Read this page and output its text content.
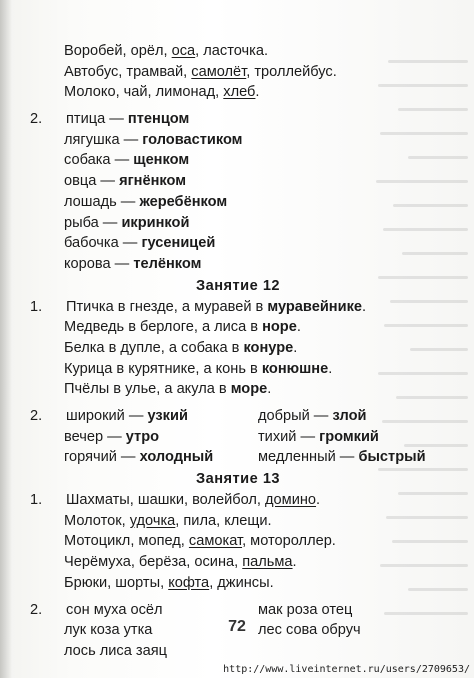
Воробей, орёл, оса, ласточка.
Автобус, трамвай, самолёт, троллейбус.
Молоко, чай, лимонад, хлеб.
2. птица — птенцом
лягушка — головастиком
собака — щенком
овца — ягнёнком
лошадь — жеребёнком
рыба — икринкой
бабочка — гусеницей
корова — телёнком
Занятие 12
1. Птичка в гнезде, а муравей в муравейнике.
Медведь в берлоге, а лиса в норе.
Белка в дупле, а собака в конуре.
Курица в курятнике, а конь в конюшне.
Пчёлы в улье, а акула в море.
2. широкий — узкий	добрый — злой
вечер — утро	тихий — громкий
горячий — холодный	медленный — быстрый
Занятие 13
1. Шахматы, шашки, волейбол, домино.
Молоток, удочка, пила, клещи.
Мотоцикл, мопед, самокат, мотороллер.
Черёмуха, берёза, осина, пальма.
Брюки, шорты, кофта, джинсы.
2. сон муха осёл	мак роза отец
лук коза утка	лес сова обруч
лось лиса заяц
72
http://www.liveinternet.ru/users/2709653/
